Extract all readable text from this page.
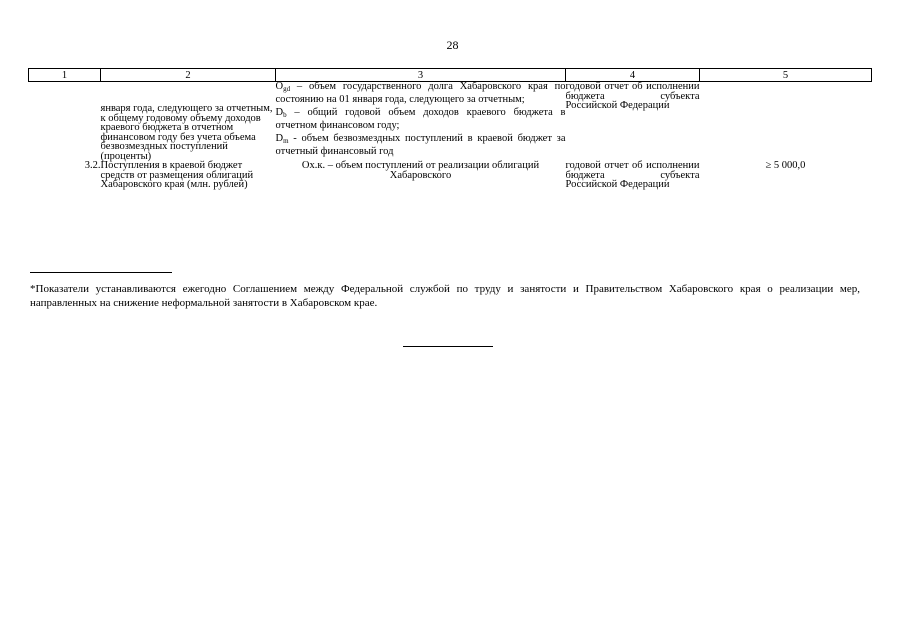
28
1	2	3	4	5
	января года, следующего за отчетным, к общему годовому объему доходов краевого бюджета в отчетном финансовом году без учета объема безвозмездных поступлений (проценты)	$O_{gd}$ – объем государственного долга Хабаровского края по состоянию на 01 января года, следующего за отчетным;

$D_b$ – общий годовой объем доходов краевого бюджета в отчетном финансовом году;

$D_m$ - объем безвозмездных поступлений в краевой бюджет за отчетный финансовый год	годовой отчет об исполнении бюджета субъекта Российской Федерации	
3.2.	Поступления в краевой бюджет средств от размещения облигаций Хабаровского края (млн. рублей)	Ох.к. – объем поступлений от реализации облигаций Хабаровского	годовой отчет об исполнении бюджета субъекта Российской Федерации	≥ 5 000,0
*Показатели устанавливаются ежегодно Соглашением между Федеральной службой по труду и занятости и Правительством Хабаровского края о реализации мер, направленных на снижение неформальной занятости в Хабаровском крае.
